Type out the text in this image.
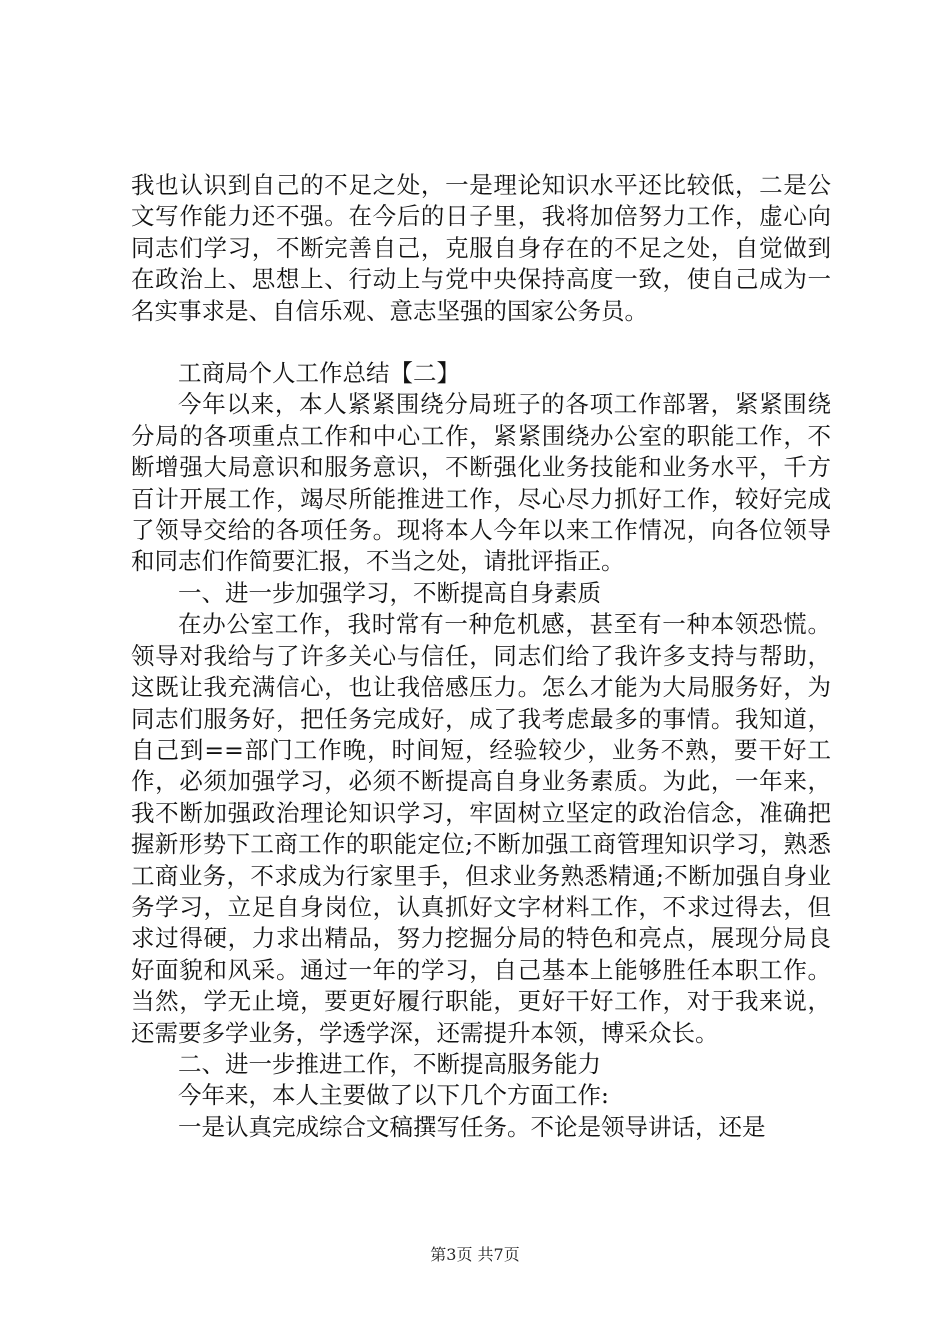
我也认识到自己的不足之处，一是理论知识水平还比较低，二是公文写作能力还不强。在今后的日子里，我将加倍努力工作，虚心向同志们学习，不断完善自己，克服自身存在的不足之处，自觉做到在政治上、思想上、行动上与党中央保持高度一致，使自己成为一名实事求是、自信乐观、意志坚强的国家公务员。

工商局个人工作总结【二】

今年以来，本人紧紧围绕分局班子的各项工作部署，紧紧围绕分局的各项重点工作和中心工作，紧紧围绕办公室的职能工作，不断增强大局意识和服务意识，不断强化业务技能和业务水平，千方百计开展工作，竭尽所能推进工作，尽心尽力抓好工作，较好完成了领导交给的各项任务。现将本人今年以来工作情况，向各位领导和同志们作简要汇报，不当之处，请批评指正。

一、进一步加强学习，不断提高自身素质

在办公室工作，我时常有一种危机感，甚至有一种本领恐慌。领导对我给与了许多关心与信任，同志们给了我许多支持与帮助，这既让我充满信心，也让我倍感压力。怎么才能为大局服务好，为同志们服务好，把任务完成好，成了我考虑最多的事情。我知道，自己到==部门工作晚，时间短，经验较少，业务不熟，要干好工作，必须加强学习，必须不断提高自身业务素质。为此，一年来，我不断加强政治理论知识学习，牢固树立坚定的政治信念，准确把握新形势下工商工作的职能定位;不断加强工商管理知识学习，熟悉工商业务，不求成为行家里手，但求业务熟悉精通;不断加强自身业务学习，立足自身岗位，认真抓好文字材料工作，不求过得去，但求过得硬，力求出精品，努力挖掘分局的特色和亮点，展现分局良好面貌和风采。通过一年的学习，自己基本上能够胜任本职工作。当然，学无止境，要更好履行职能，更好干好工作，对于我来说，还需要多学业务，学透学深，还需提升本领，博采众长。

二、进一步推进工作，不断提高服务能力

今年来，本人主要做了以下几个方面工作:

一是认真完成综合文稿撰写任务。不论是领导讲话，还是

第3页 共7页
